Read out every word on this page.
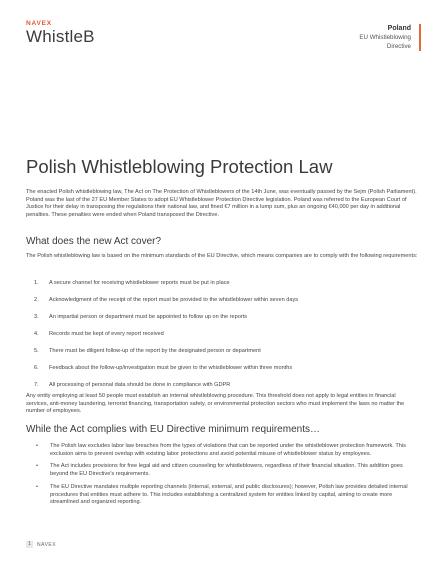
NAVEX
WhistleB	Poland
EU Whistleblowing
Directive
Polish Whistleblowing Protection Law

The enacted Polish whistleblowing law, The Act on The Protection of Whistleblowers of the 14th June, was eventually passed by the Sejm (Polish Parliament). Poland was the last of the 27 EU Member States to adopt EU Whistleblower Protection Directive legislation. Poland was referred to the European Court of Justice for their delay in transposing the regulations their national law, and fined €7 million in a lump sum, plus an ongoing €40,000 per day in additional penalties. These penalties were ended when Poland transposed the Directive.

What does the new Act cover?

The Polish whistleblowing law is based on the minimum standards of the EU Directive, which means companies are to comply with the following requirements:

1. A secure channel for receiving whistleblower reports must be put in place
2. Acknowledgment of the receipt of the report must be provided to the whistleblower within seven days
3. An impartial person or department must be appointed to follow up on the reports
4. Records must be kept of every report received
5. There must be diligent follow-up of the report by the designated person or department
6. Feedback about the follow-up/investigation must be given to the whistleblower within three months
7. All processing of personal data should be done in compliance with GDPR

Any entity employing at least 50 people must establish an internal whistleblowing procedure. This threshold does not apply to legal entities in financial services, anti-money laundering, terrorist financing, transportation safety, or environmental protection sectors who must implement the laws no matter the number of employees.

While the Act complies with EU Directive minimum requirements…
• The Polish law excludes labor law breaches from the types of violations that can be reported under the whistleblower protection framework. This exclusion aims to prevent overlap with existing labor protections and avoid potential misuse of whistleblower status by employees.
• The Act includes provisions for free legal aid and citizen counseling for whistleblowers, regardless of their financial situation. This addition goes beyond the EU Directive's requirements.
• The EU Directive mandates multiple reporting channels (internal, external, and public disclosures); however, Polish law provides detailed internal procedures that entities must adhere to. This includes establishing a centralized system for entities linked by capital, aiming to create more streamlined and organized reporting.
1	NAVEX
